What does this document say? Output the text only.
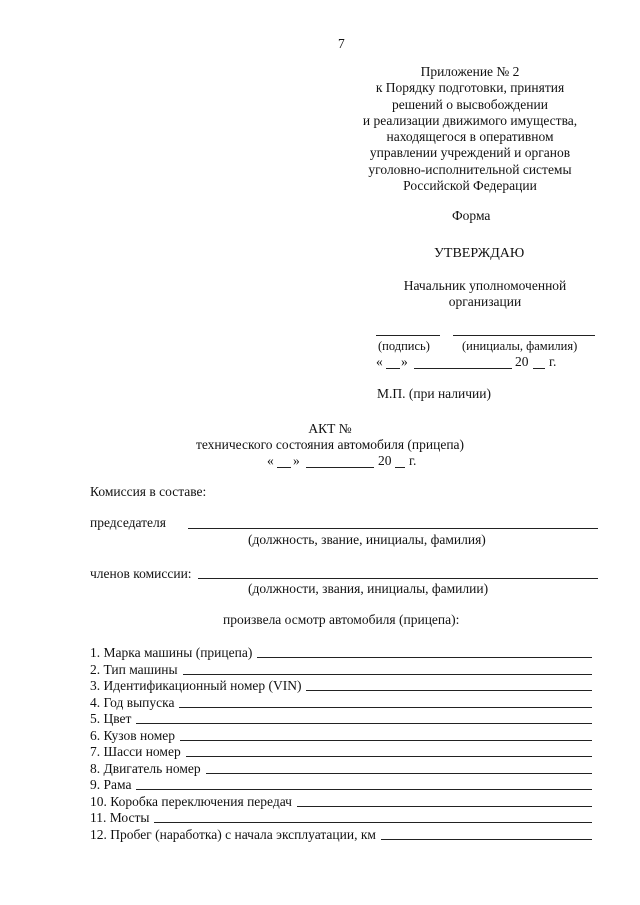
7
Приложение № 2
к Порядку подготовки, принятия
решений о высвобождении
и реализации движимого имущества,
находящегося в оперативном
управлении учреждений и органов
уголовно-исполнительной системы
Российской Федерации
Форма
УТВЕРЖДАЮ
Начальник уполномоченной
организации
(подпись)	(инициалы, фамилия)
« »	20 г.
М.П. (при наличии)
АКТ №
технического состояния автомобиля (прицепа)
« »	20 г.
Комиссия в составе:
председателя
(должность, звание, инициалы, фамилия)
членов комиссии:
(должности, звания, инициалы, фамилии)
произвела осмотр автомобиля (прицепа):
1. Марка машины (прицепа)
2. Тип машины
3. Идентификационный номер (VIN)
4. Год выпуска
5. Цвет
6. Кузов номер
7. Шасси номер
8. Двигатель номер
9. Рама
10. Коробка переключения передач
11. Мосты
12. Пробег (наработка) с начала эксплуатации, км
